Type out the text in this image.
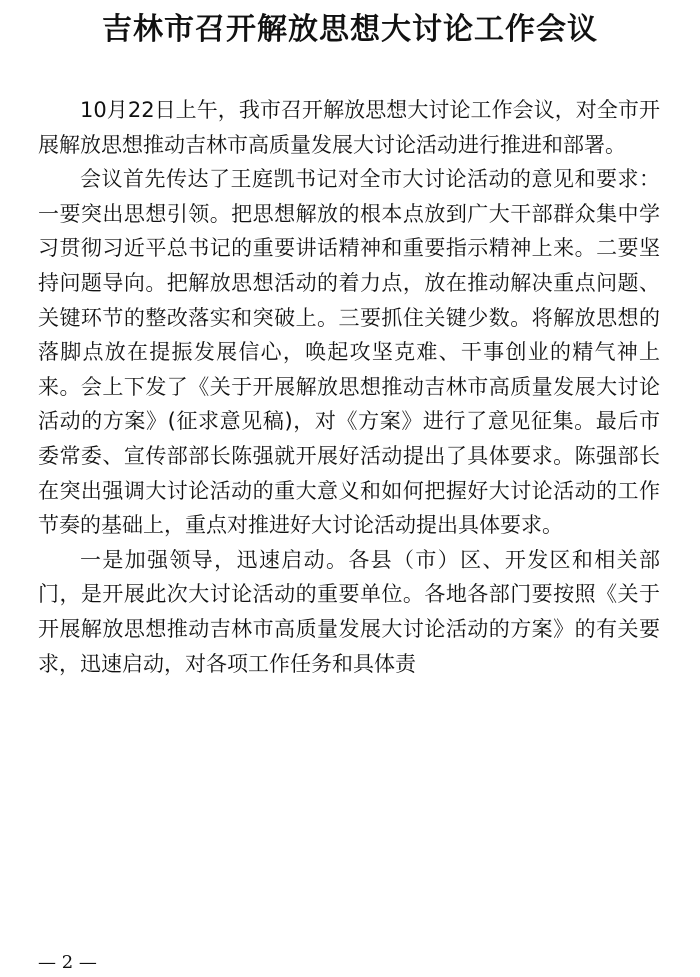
吉林市召开解放思想大讨论工作会议

10月22日上午，我市召开解放思想大讨论工作会议，对全市开展解放思想推动吉林市高质量发展大讨论活动进行推进和部署。

会议首先传达了王庭凯书记对全市大讨论活动的意见和要求：一要突出思想引领。把思想解放的根本点放到广大干部群众集中学习贯彻习近平总书记的重要讲话精神和重要指示精神上来。二要坚持问题导向。把解放思想活动的着力点，放在推动解决重点问题、关键环节的整改落实和突破上。三要抓住关键少数。将解放思想的落脚点放在提振发展信心，唤起攻坚克难、干事创业的精气神上来。会上下发了《关于开展解放思想推动吉林市高质量发展大讨论活动的方案》(征求意见稿)，对《方案》进行了意见征集。最后市委常委、宣传部部长陈强就开展好活动提出了具体要求。陈强部长在突出强调大讨论活动的重大意义和如何把握好大讨论活动的工作节奏的基础上，重点对推进好大讨论活动提出具体要求。

一是加强领导，迅速启动。各县（市）区、开发区和相关部门，是开展此次大讨论活动的重要单位。各地各部门要按照《关于开展解放思想推动吉林市高质量发展大讨论活动的方案》的有关要求，迅速启动，对各项工作任务和具体责

— 2 —
